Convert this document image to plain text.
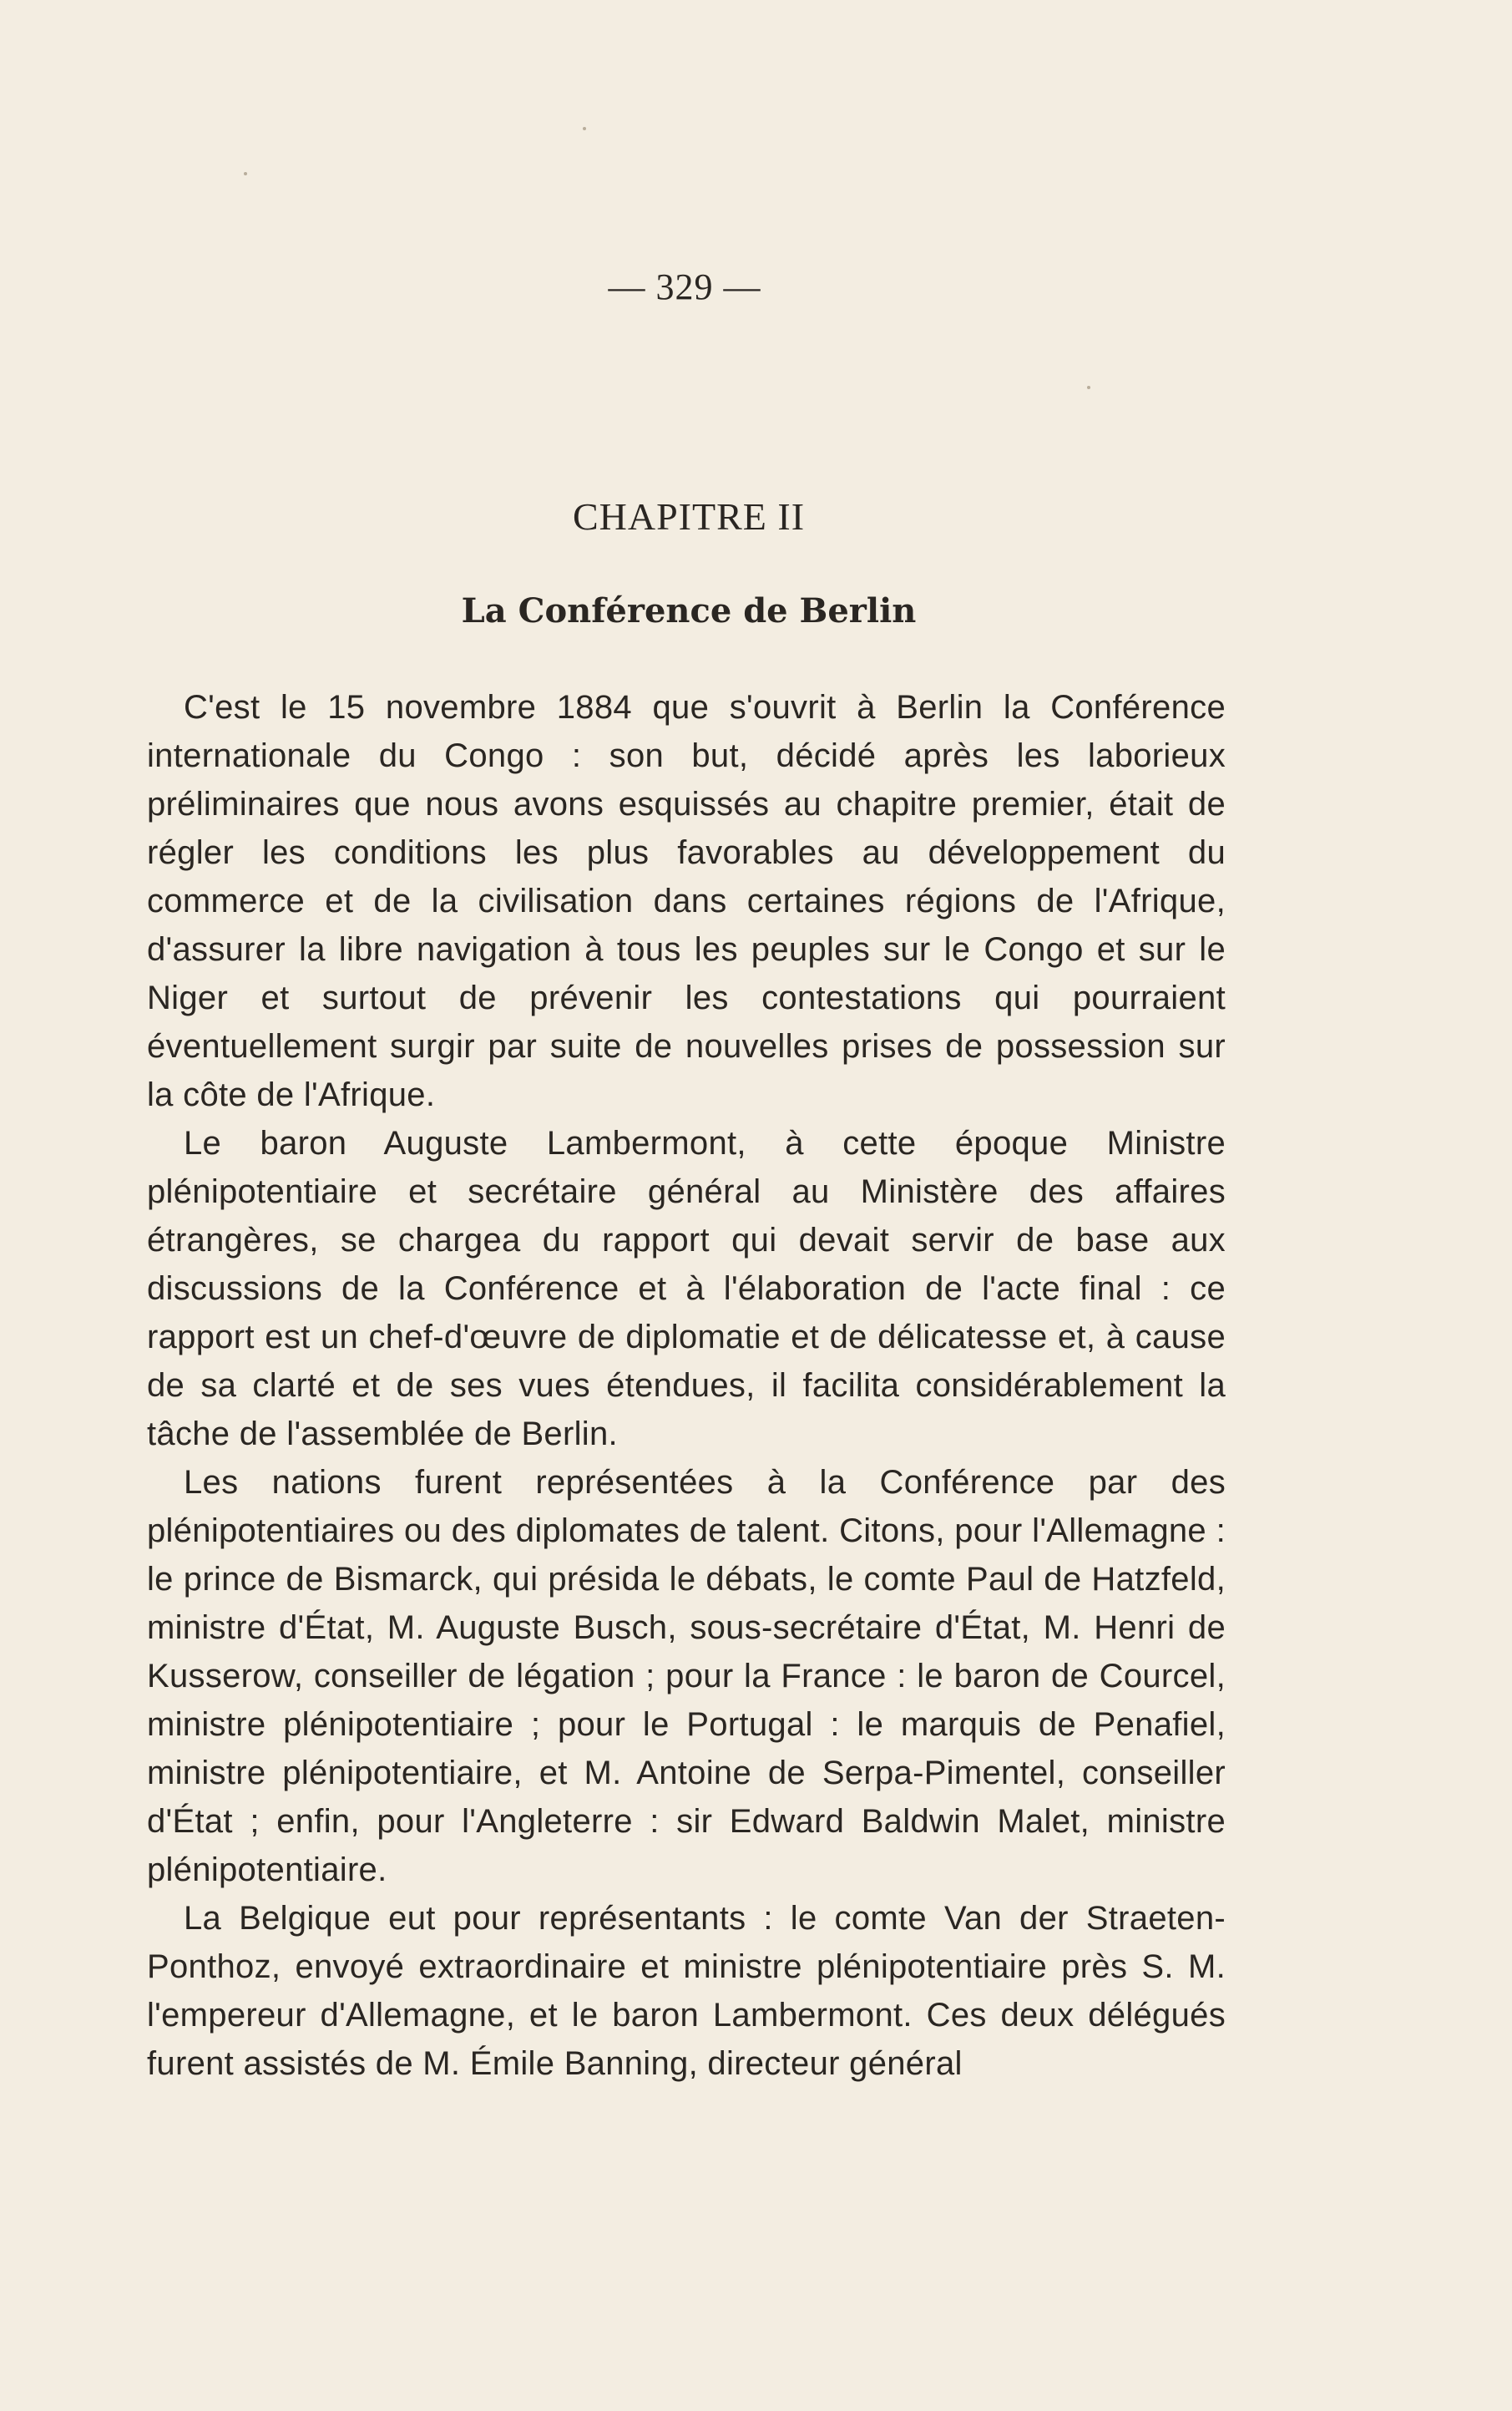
— 329 —
CHAPITRE II
La Conférence de Berlin

C'est le 15 novembre 1884 que s'ouvrit à Berlin la Conférence internationale du Congo : son but, décidé après les laborieux préliminaires que nous avons esquissés au chapitre premier, était de régler les conditions les plus favorables au développement du commerce et de la civilisation dans certaines régions de l'Afrique, d'assurer la libre navigation à tous les peuples sur le Congo et sur le Niger et surtout de prévenir les contestations qui pourraient éventuellement surgir par suite de nouvelles prises de possession sur la côte de l'Afrique.

Le baron Auguste Lambermont, à cette époque Ministre plénipotentiaire et secrétaire général au Ministère des affaires étrangères, se chargea du rapport qui devait servir de base aux discussions de la Conférence et à l'élaboration de l'acte final : ce rapport est un chef-d'œuvre de diplomatie et de délicatesse et, à cause de sa clarté et de ses vues étendues, il facilita considérablement la tâche de l'assemblée de Berlin.

Les nations furent représentées à la Conférence par des plénipotentiaires ou des diplomates de talent. Citons, pour l'Allemagne : le prince de Bismarck, qui présida le débats, le comte Paul de Hatzfeld, ministre d'État, M. Auguste Busch, sous-secrétaire d'État, M. Henri de Kusserow, conseiller de légation ; pour la France : le baron de Courcel, ministre plénipotentiaire ; pour le Portugal : le marquis de Penafiel, ministre plénipotentiaire, et M. Antoine de Serpa-Pimentel, conseiller d'État ; enfin, pour l'Angleterre : sir Edward Baldwin Malet, ministre plénipotentiaire.

La Belgique eut pour représentants : le comte Van der Straeten-Ponthoz, envoyé extraordinaire et ministre plénipotentiaire près S. M. l'empereur d'Allemagne, et le baron Lambermont. Ces deux délégués furent assistés de M. Émile Banning, directeur général
